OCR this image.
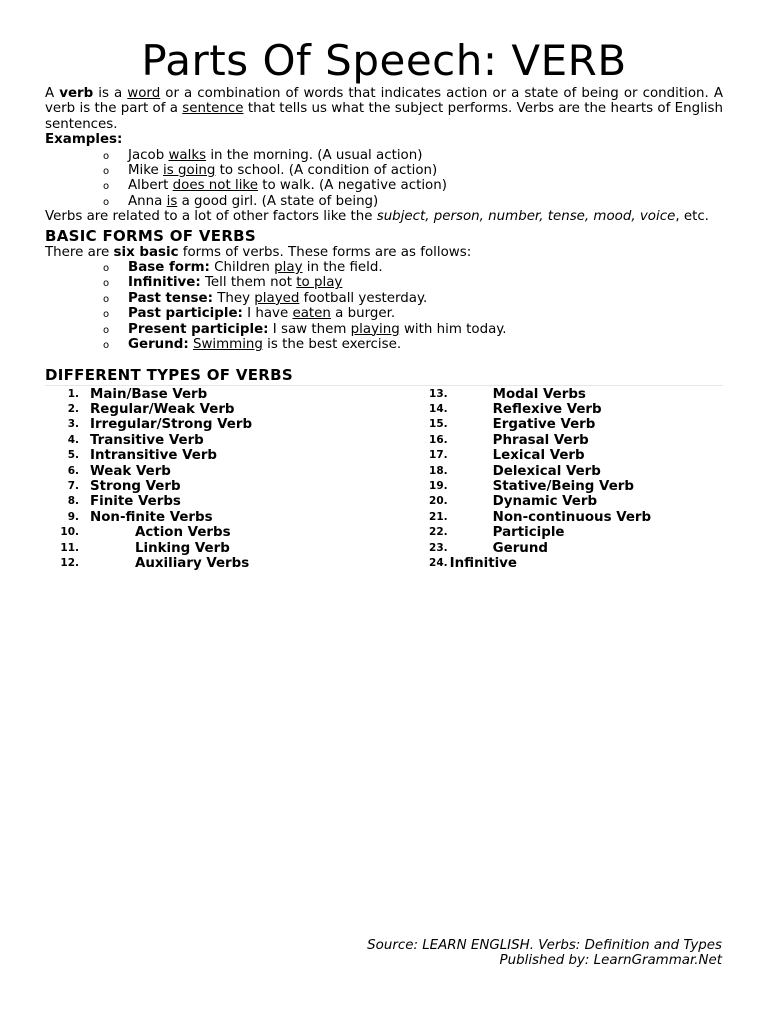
Parts Of Speech: VERB

A verb is a word or a combination of words that indicates action or a state of being or condition. A verb is the part of a sentence that tells us what the subject performs. Verbs are the hearts of English sentences.

Examples:

o Jacob walks in the morning. (A usual action)
o Mike is going to school. (A condition of action)
o Albert does not like to walk. (A negative action)
o Anna is a good girl. (A state of being)

Verbs are related to a lot of other factors like the subject, person, number, tense, mood, voice, etc.

BASIC FORMS OF VERBS

There are six basic forms of verbs. These forms are as follows:

o Base form: Children play in the field.
o Infinitive: Tell them not to play
o Past tense: They played football yesterday.
o Past participle: I have eaten a burger.
o Present participle: I saw them playing with him today.
o Gerund: Swimming is the best exercise.
DIFFERENT TYPES OF VERBS
1. Main/Base Verb
2. Regular/Weak Verb
3. Irregular/Strong Verb
4. Transitive Verb
5. Intransitive Verb
6. Weak Verb
7. Strong Verb
8. Finite Verbs
9. Non-finite Verbs
10.	Action Verbs
11.	Linking Verb
12.	Auxiliary Verbs
13.	Modal Verbs
14.	Reflexive Verb
15.	Ergative Verb
16.	Phrasal Verb
17.	Lexical Verb
18.	Delexical Verb
19.	Stative/Being Verb
20.	Dynamic Verb
21.	Non-continuous Verb
22.	Participle
23.	Gerund
24. Infinitive
Source: LEARN ENGLISH. Verbs: Definition and Types
Published by: LearnGrammar.Net
